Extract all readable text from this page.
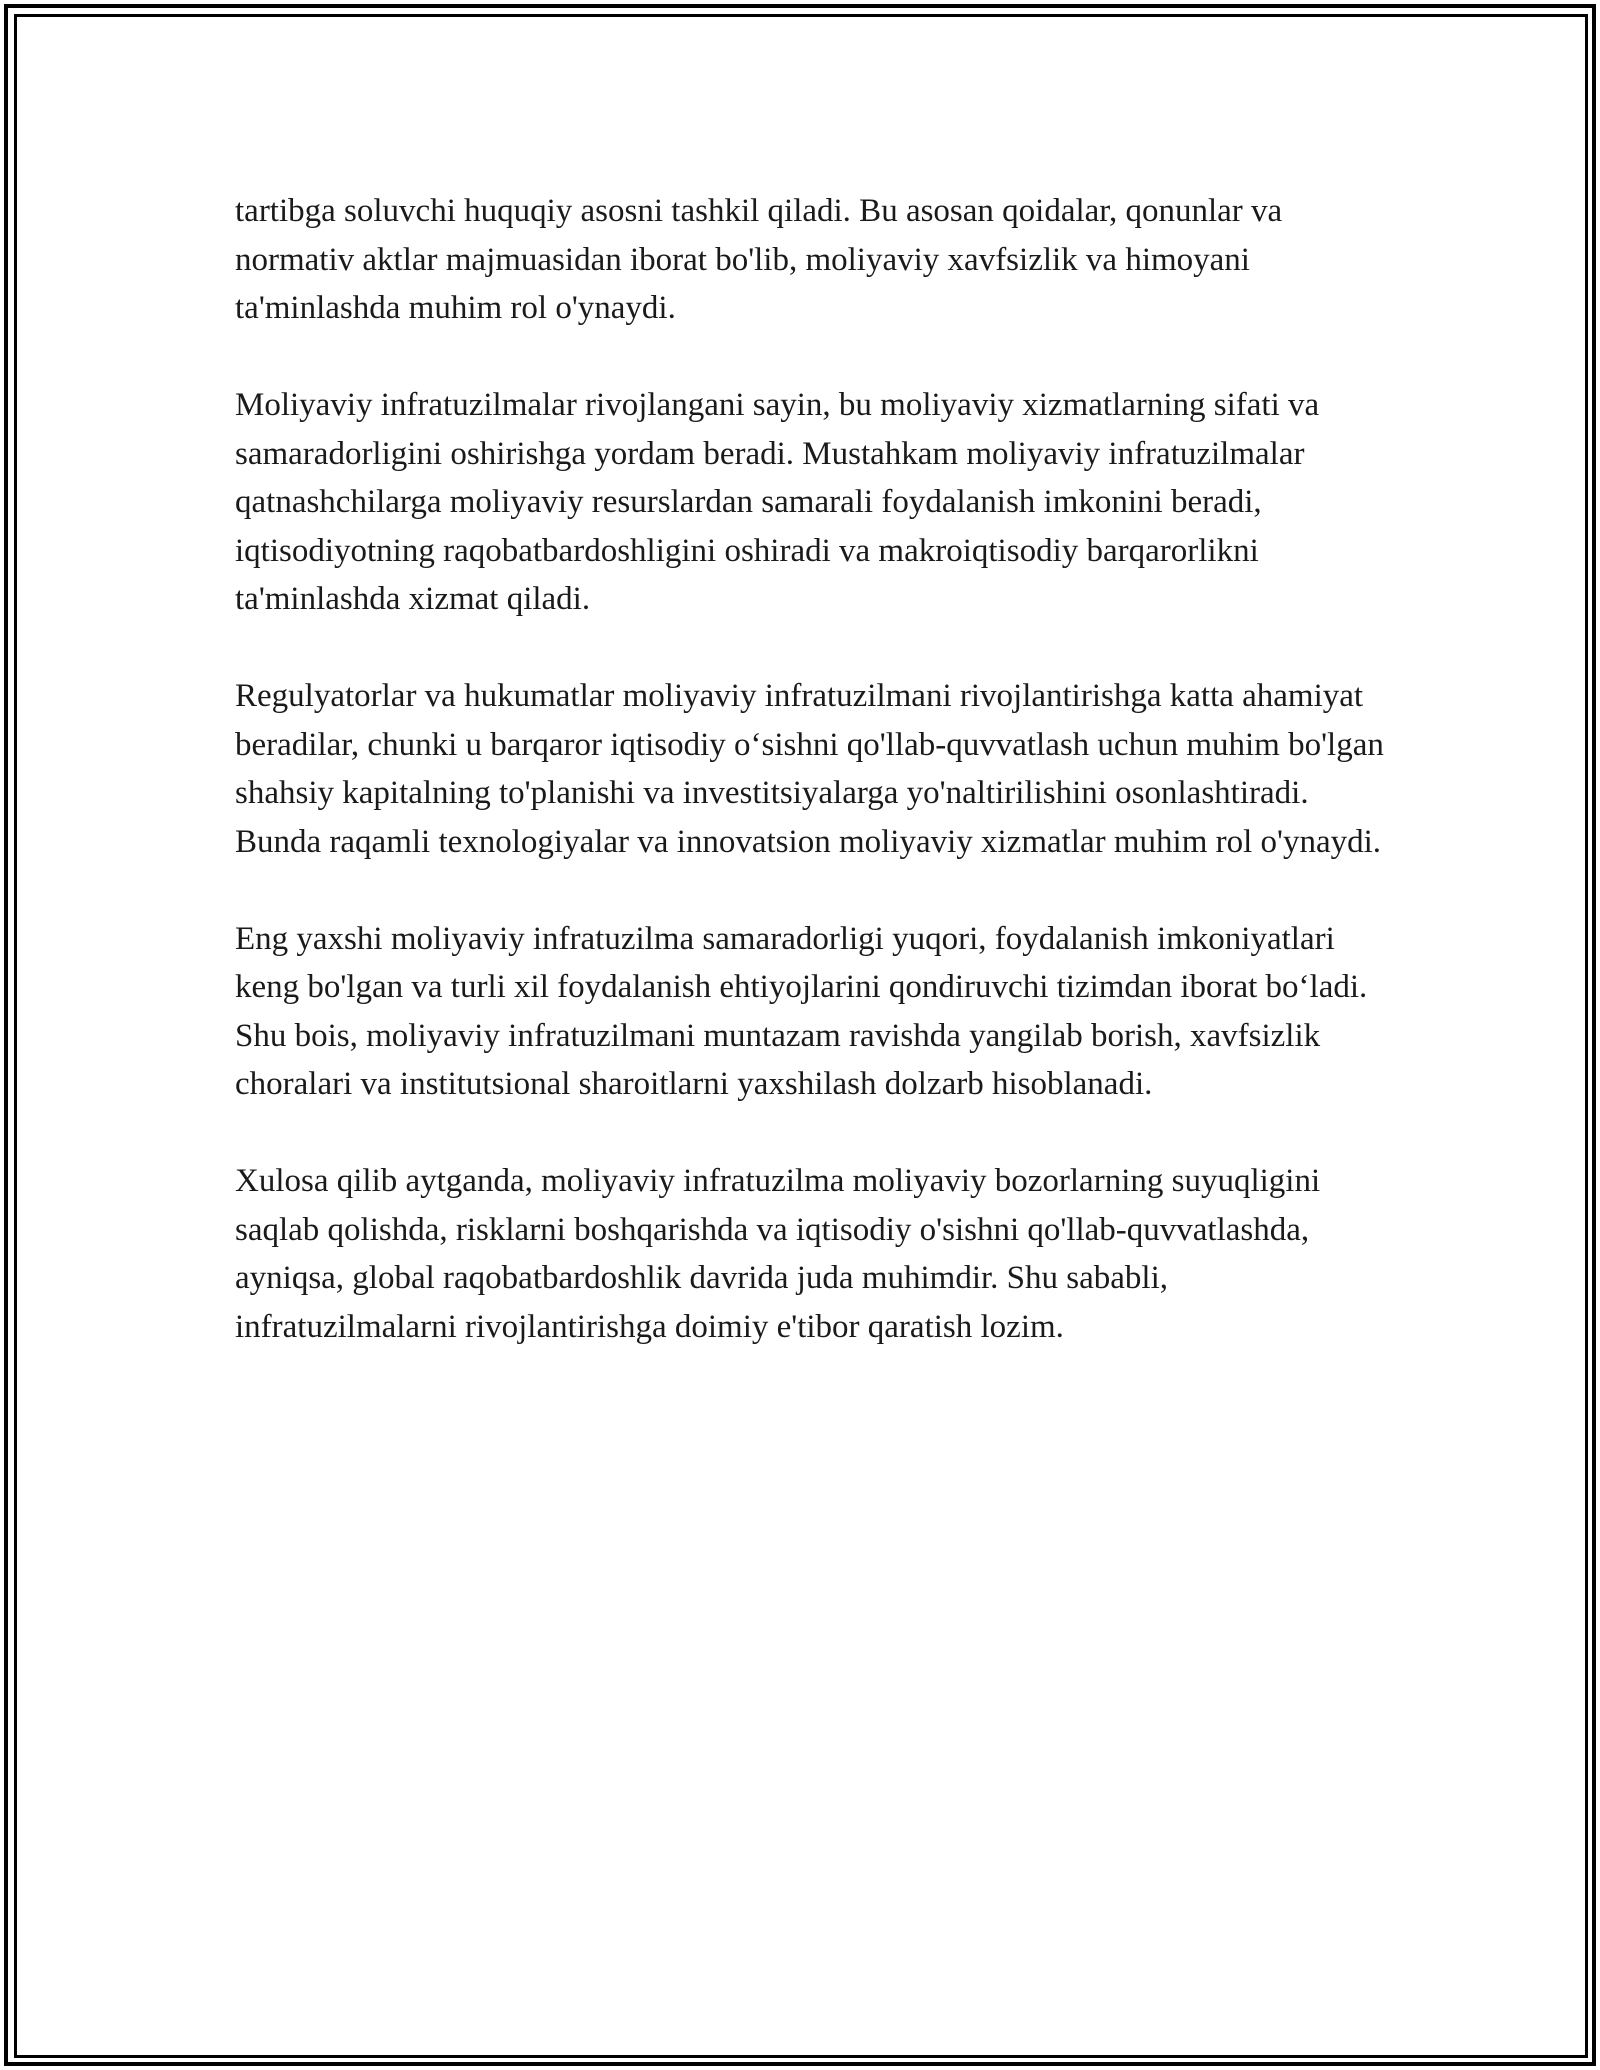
tartibga soluvchi huquqiy asosni tashkil qiladi. Bu asosan qoidalar, qonunlar va normativ aktlar majmuasidan iborat bo'lib, moliyaviy xavfsizlik va himoyani ta'minlashda muhim rol o'ynaydi.

Moliyaviy infratuzilmalar rivojlangani sayin, bu moliyaviy xizmatlarning sifati va samaradorligini oshirishga yordam beradi. Mustahkam moliyaviy infratuzilmalar qatnashchilarga moliyaviy resurslardan samarali foydalanish imkonini beradi, iqtisodiyotning raqobatbardoshligini oshiradi va makroiqtisodiy barqarorlikni ta'minlashda xizmat qiladi.

Regulyatorlar va hukumatlar moliyaviy infratuzilmani rivojlantirishga katta ahamiyat beradilar, chunki u barqaror iqtisodiy o‘sishni qo'llab-quvvatlash uchun muhim bo'lgan shahsiy kapitalning to'planishi va investitsiyalarga yo'naltirilishini osonlashtiradi. Bunda raqamli texnologiyalar va innovatsion moliyaviy xizmatlar muhim rol o'ynaydi.

Eng yaxshi moliyaviy infratuzilma samaradorligi yuqori, foydalanish imkoniyatlari keng bo'lgan va turli xil foydalanish ehtiyojlarini qondiruvchi tizimdan iborat bo‘ladi. Shu bois, moliyaviy infratuzilmani muntazam ravishda yangilab borish, xavfsizlik choralari va institutsional sharoitlarni yaxshilash dolzarb hisoblanadi.

Xulosa qilib aytganda, moliyaviy infratuzilma moliyaviy bozorlarning suyuqligini saqlab qolishda, risklarni boshqarishda va iqtisodiy o'sishni qo'llab-quvvatlashda, ayniqsa, global raqobatbardoshlik davrida juda muhimdir. Shu sababli, infratuzilmalarni rivojlantirishga doimiy e'tibor qaratish lozim.
